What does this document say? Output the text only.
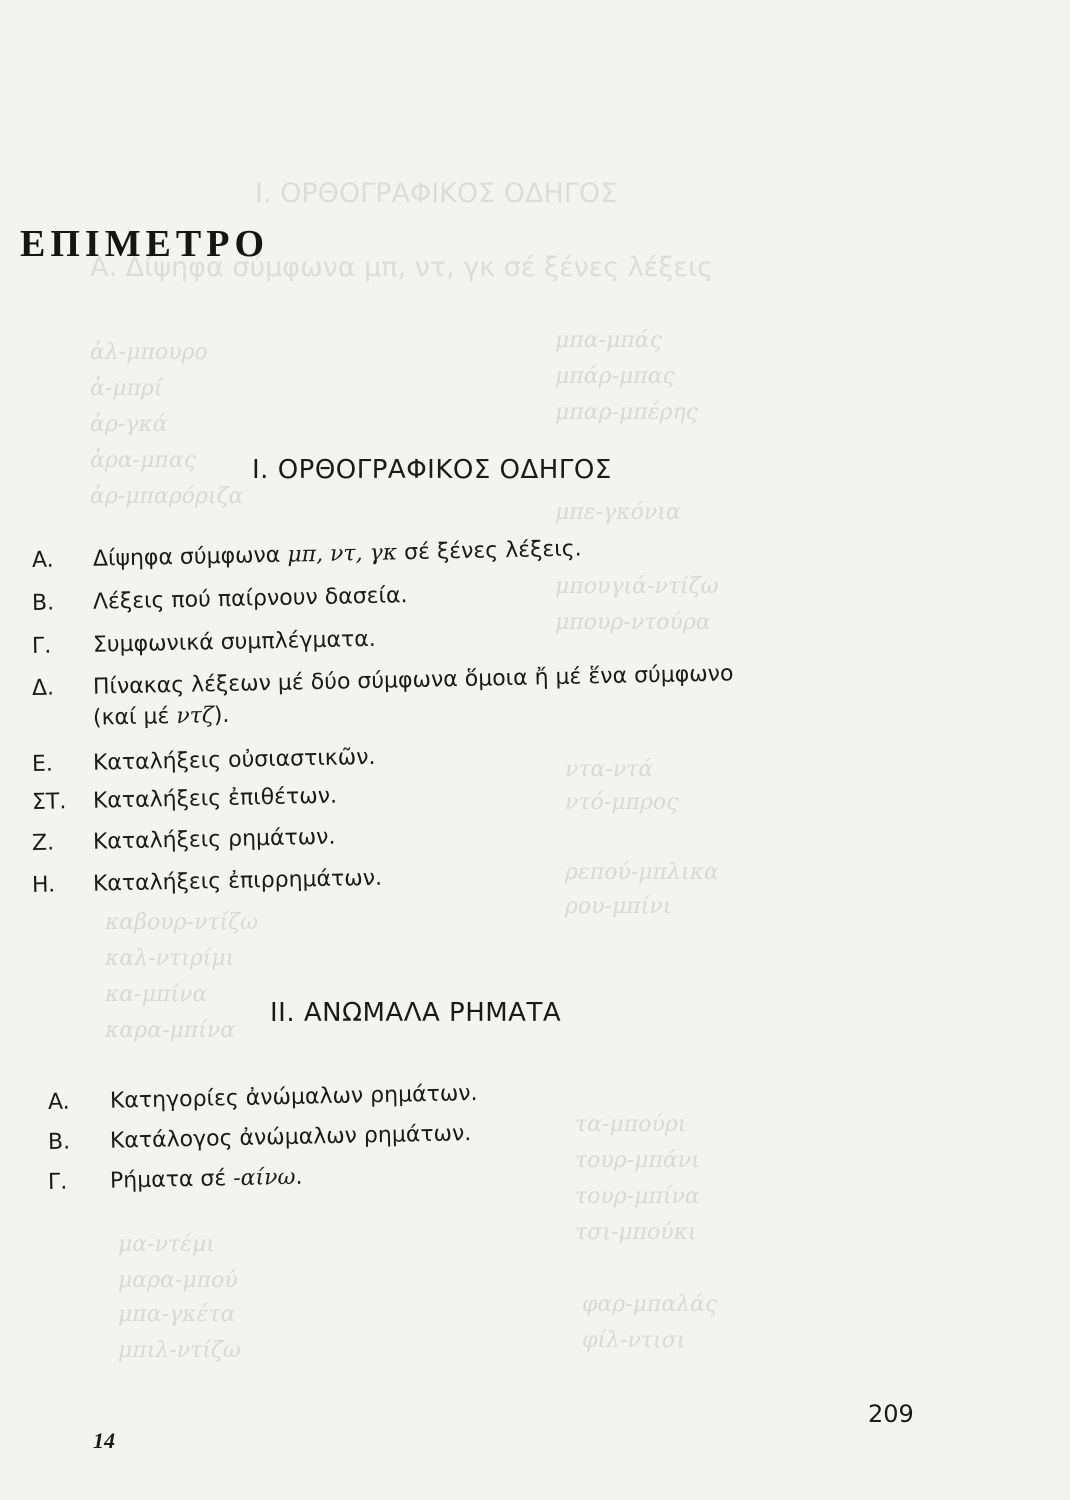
Ι. ΟΡΘΟΓΡΑΦΙΚΟΣ ΟΔΗΓΟΣ
Α. Δίψηφα σύμφωνα μπ, ντ, γκ σέ ξένες λέξεις
ἀλ-μπουρο
ἀ-μπρί
ἀρ-γκά
ἀρα-μπας
ἀρ-μπαρόριζα
μπα-μπάς
μπάρ-μπας
μπαρ-μπέρης
μπε-γκόνια
μπουγιά-ντίζω
μπουρ-ντούρα
ντα-ντά
ντό-μπρος
ρεπού-μπλικα
ρου-μπίνι
καβουρ-ντίζω
καλ-ντιρίμι
κα-μπίνα
καρα-μπίνα
τα-μπούρι
τουρ-μπάνι
τουρ-μπίνα
τσι-μπούκι
μα-ντέμι
μαρα-μπού
μπα-γκέτα
μπιλ-ντίζω
φαρ-μπαλάς
φίλ-ντισι
ΕΠΙΜΕΤΡΟ
I. ΟΡΘΟΓΡΑΦΙΚΟΣ ΟΔΗΓΟΣ
A. Δίψηφα σύμφωνα μπ, ντ, γκ σέ ξένες λέξεις.
B. Λέξεις πού παίρνουν δασεία.
Γ. Συμφωνικά συμπλέγματα.
Δ. Πίνακας λέξεων μέ δύο σύμφωνα ὅμοια ἤ μέ ἕνα σύμφωνο
(καί μέ ντζ).
E. Καταλήξεις οὐσιαστικῶν.
ΣΤ. Καταλήξεις ἐπιθέτων.
Z. Καταλήξεις ρημάτων.
H. Καταλήξεις ἐπιρρημάτων.
II. ΑΝΩΜΑΛΑ ΡΗΜΑΤΑ
A. Κατηγορίες ἀνώμαλων ρημάτων.
B. Κατάλογος ἀνώμαλων ρημάτων.
Γ. Ρήματα σέ -αίνω.
14
209
